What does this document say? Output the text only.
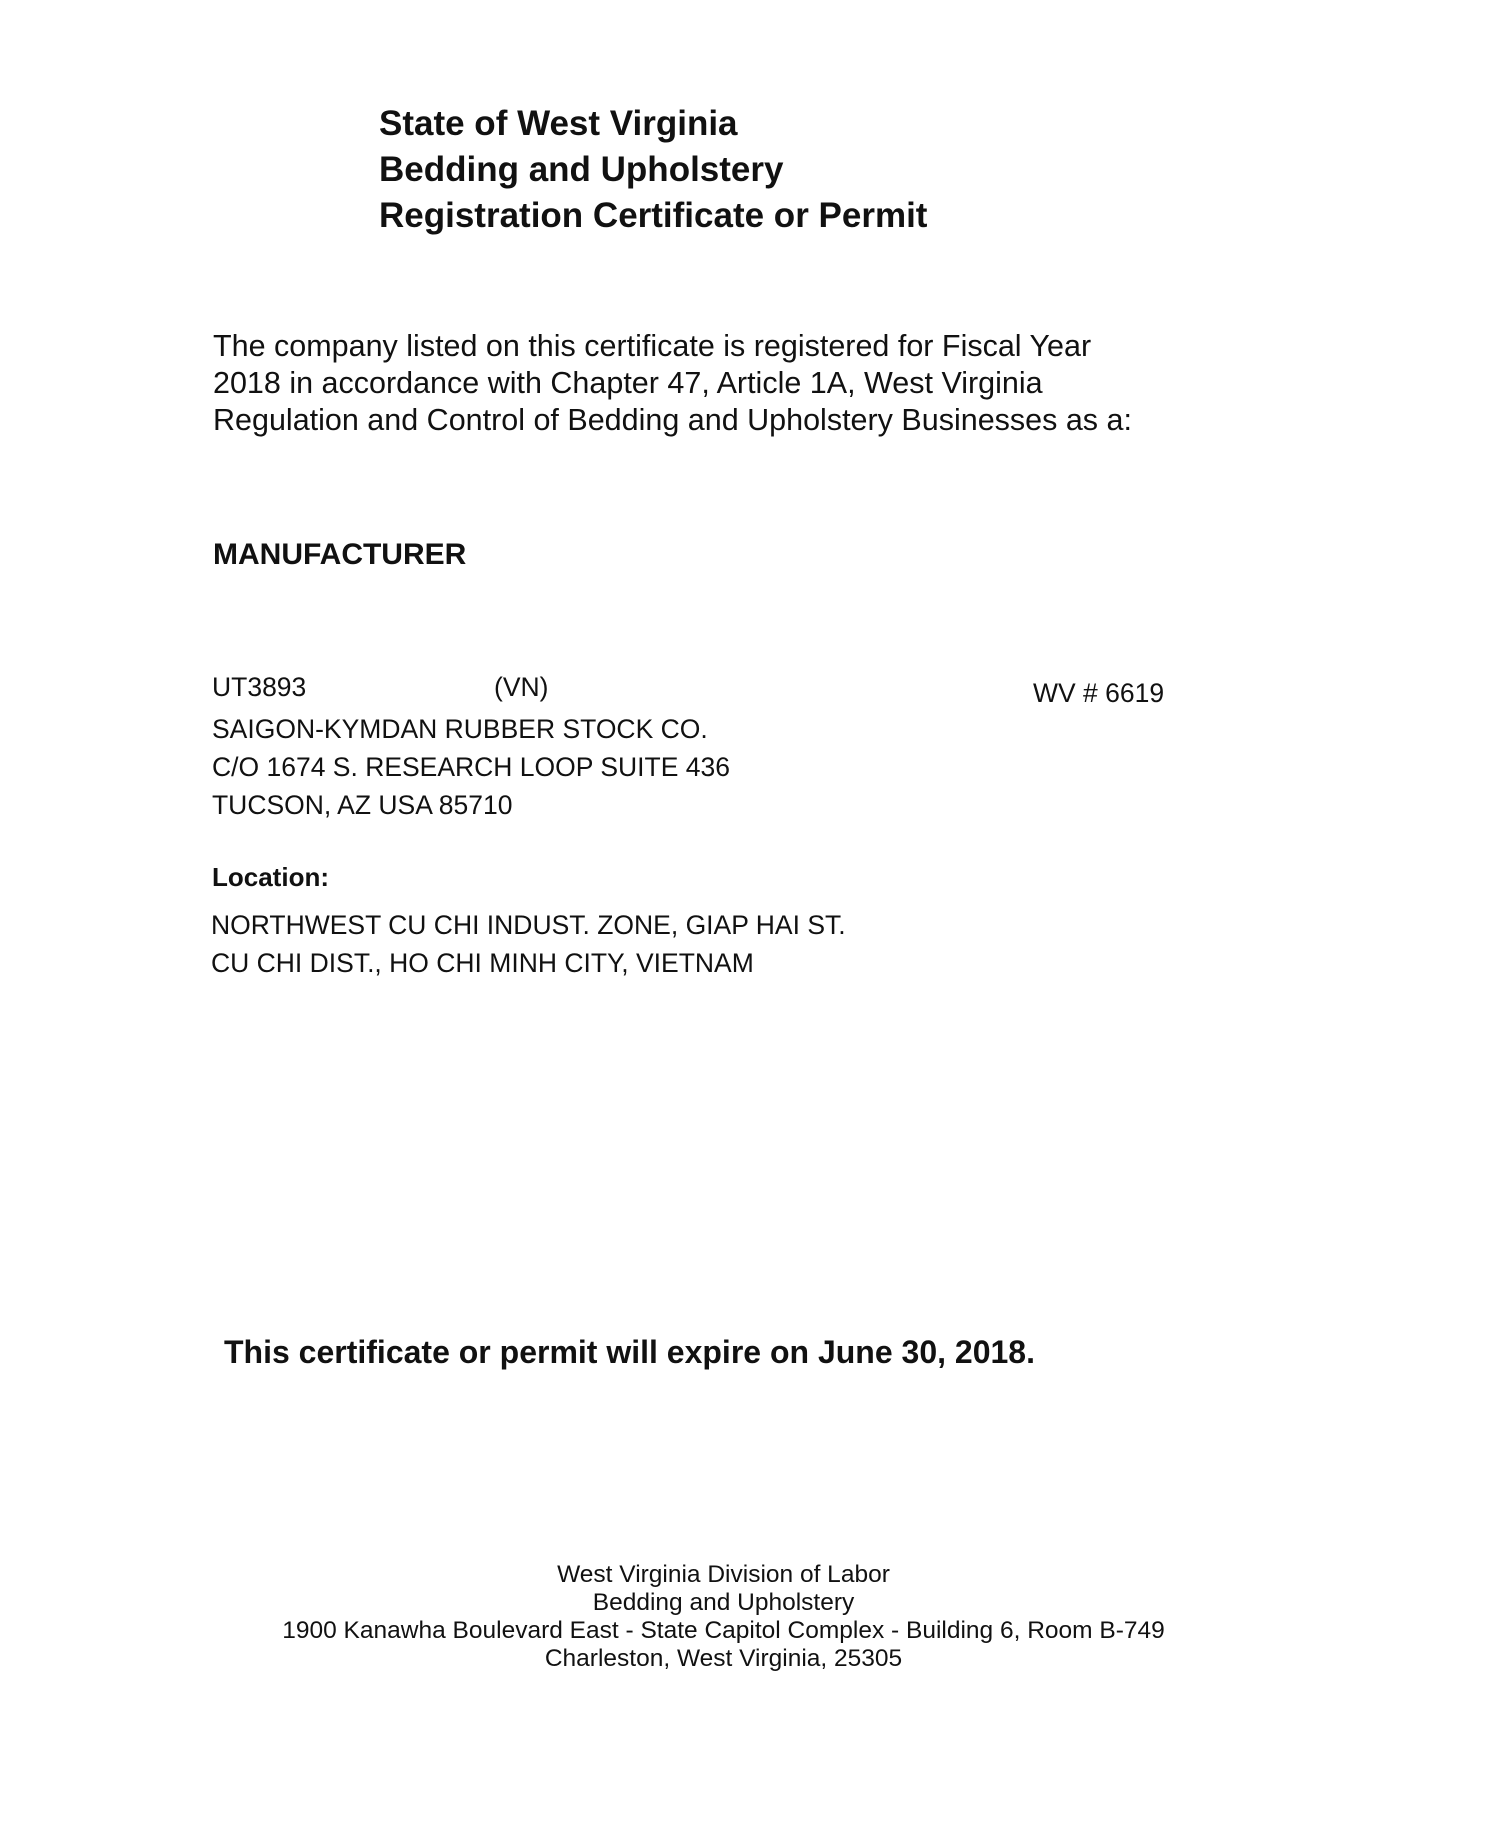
State of West Virginia
Bedding and Upholstery
Registration Certificate or Permit
The company listed on this certificate is registered for Fiscal Year
2018 in accordance with Chapter 47, Article 1A, West Virginia
Regulation and Control of Bedding and Upholstery Businesses as a:
MANUFACTURER
UT3893	(VN)	WV # 6619
SAIGON-KYMDAN RUBBER STOCK CO.
C/O 1674 S. RESEARCH LOOP SUITE 436
TUCSON, AZ USA 85710
Location:
NORTHWEST CU CHI INDUST. ZONE, GIAP HAI ST.
CU CHI DIST., HO CHI MINH CITY, VIETNAM
This certificate or permit will expire on June 30, 2018.
West Virginia Division of Labor
Bedding and Upholstery
1900 Kanawha Boulevard East - State Capitol Complex - Building 6, Room B-749
Charleston, West Virginia, 25305
